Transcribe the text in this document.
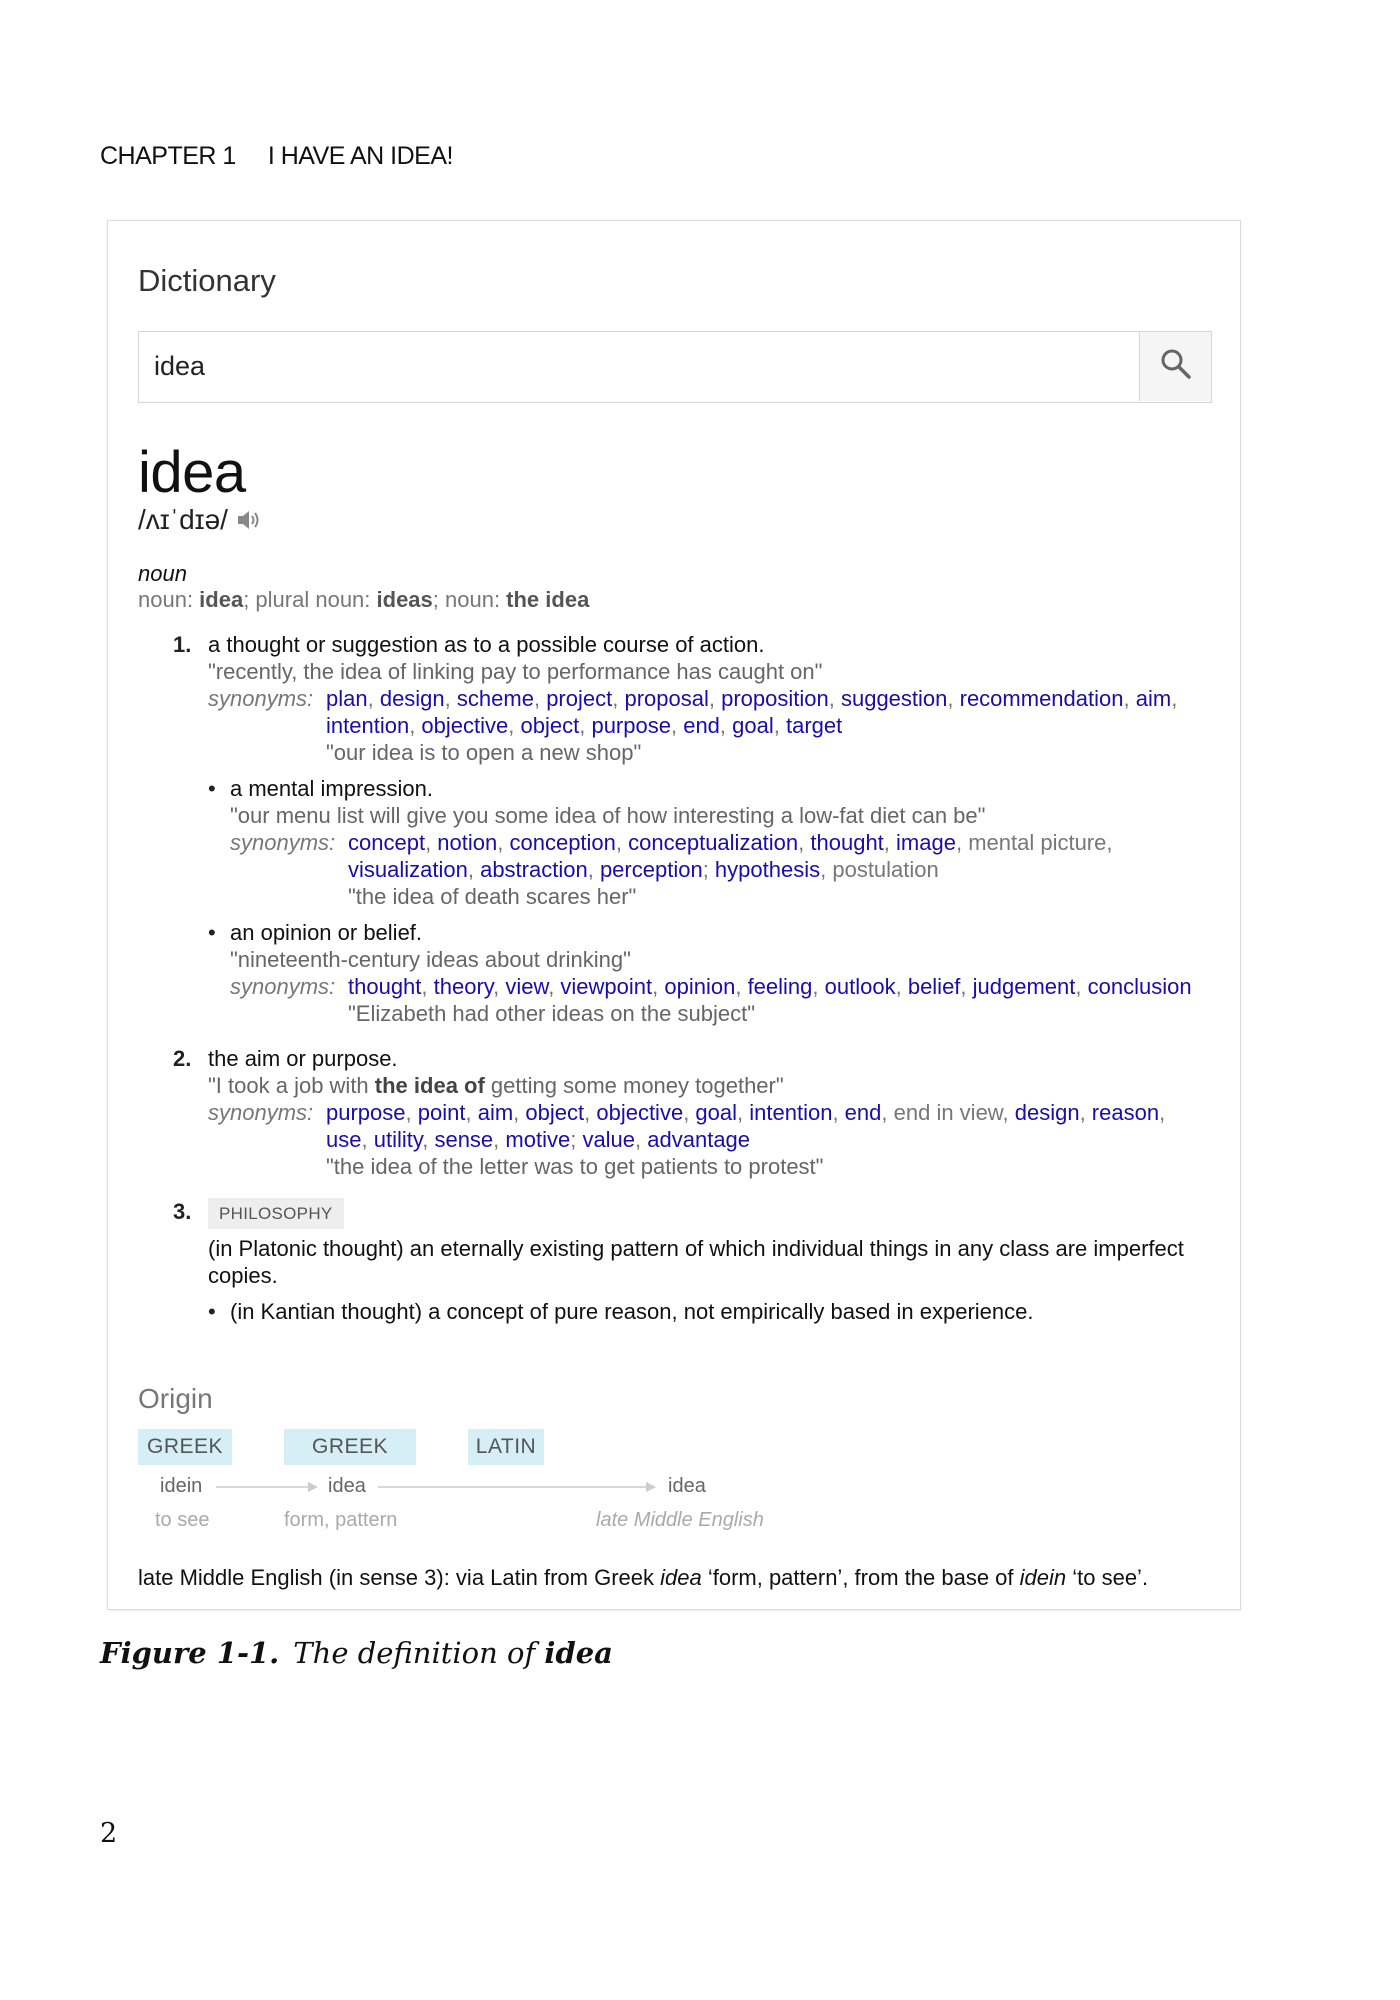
CHAPTER 1 I HAVE AN IDEA!
Dictionary
idea
idea
/ʌɪˈdɪə/
noun
noun: idea; plural noun: ideas; noun: the idea
1. a thought or suggestion as to a possible course of action.
"recently, the idea of linking pay to performance has caught on"
synonyms: plan, design, scheme, project, proposal, proposition, suggestion, recommendation, aim, intention, objective, object, purpose, end, goal, target
"our idea is to open a new shop"
• a mental impression.
"our menu list will give you some idea of how interesting a low-fat diet can be"
synonyms: concept, notion, conception, conceptualization, thought, image, mental picture, visualization, abstraction, perception; hypothesis, postulation
"the idea of death scares her"
• an opinion or belief.
"nineteenth-century ideas about drinking"
synonyms: thought, theory, view, viewpoint, opinion, feeling, outlook, belief, judgement, conclusion
"Elizabeth had other ideas on the subject"
2. the aim or purpose.
"I took a job with the idea of getting some money together"
synonyms: purpose, point, aim, object, objective, goal, intention, end, end in view, design, reason, use, utility, sense, motive; value, advantage
"the idea of the letter was to get patients to protest"
3.	PHILOSOPHY
(in Platonic thought) an eternally existing pattern of which individual things in any class are imperfect copies.
• (in Kantian thought) a concept of pure reason, not empirically based in experience.
Origin
GREEK	GREEK	LATIN
idein	idea	idea
to see	form, pattern	late Middle English
late Middle English (in sense 3): via Latin from Greek idea ‘form, pattern’, from the base of idein ‘to see’.
Figure 1-1. The definition of idea
2
